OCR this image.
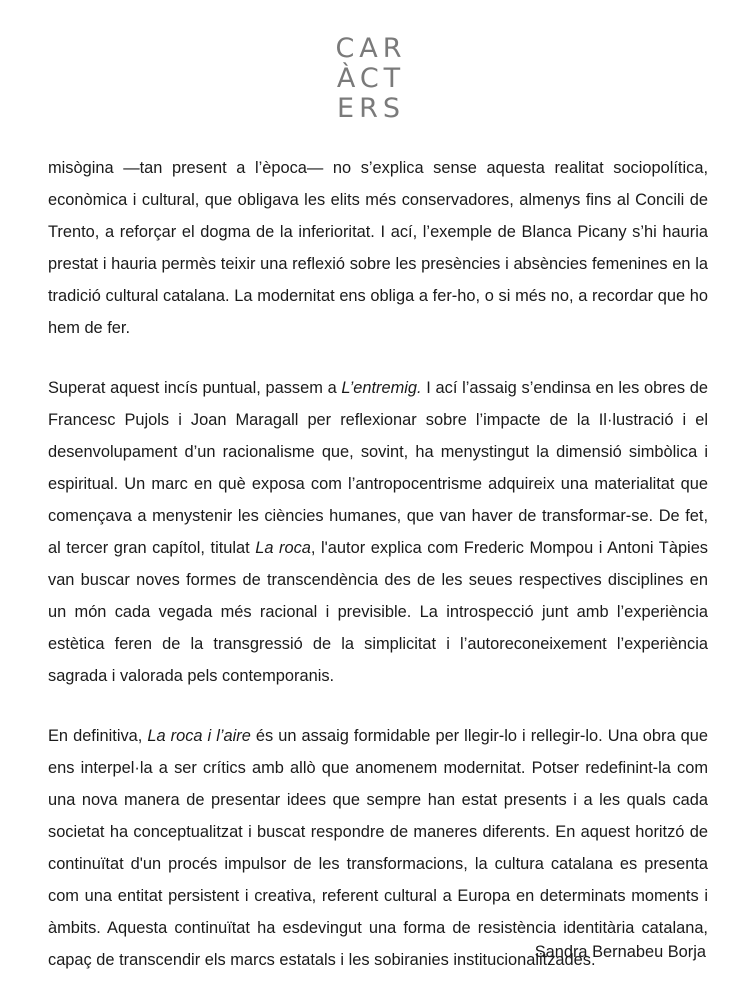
CAR
ÀCT
ERS

misògina —tan present a l’època— no s’explica sense aquesta realitat sociopolítica, econòmica i cultural, que obligava les elits més conservadores, almenys fins al Concili de Trento, a reforçar el dogma de la inferioritat. I ací, l’exemple de Blanca Picany s’hi hauria prestat i hauria permès teixir una reflexió sobre les presències i absències femenines en la tradició cultural catalana. La modernitat ens obliga a fer-ho, o si més no, a recordar que ho hem de fer.

Superat aquest incís puntual, passem a L’entremig. I ací l’assaig s’endinsa en les obres de Francesc Pujols i Joan Maragall per reflexionar sobre l’impacte de la Il·lustració i el desenvolupament d’un racionalisme que, sovint, ha menystingut la dimensió simbòlica i espiritual. Un marc en què exposa com l’antropocentrisme adquireix una materialitat que començava a menystenir les ciències humanes, que van haver de transformar-se. De fet, al tercer gran capítol, titulat La roca, l'autor explica com Frederic Mompou i Antoni Tàpies van buscar noves formes de transcendència des de les seues respectives disciplines en un món cada vegada més racional i previsible. La introspecció junt amb l’experiència estètica feren de la transgressió de la simplicitat i l’autoreconeixement l’experiència sagrada i valorada pels contemporanis.

En definitiva, La roca i l’aire és un assaig formidable per llegir-lo i rellegir-lo. Una obra que ens interpel·la a ser crítics amb allò que anomenem modernitat. Potser redefinint-la com una nova manera de presentar idees que sempre han estat presents i a les quals cada societat ha conceptualitzat i buscat respondre de maneres diferents. En aquest horitzó de continuïtat d'un procés impulsor de les transformacions, la cultura catalana es presenta com una entitat persistent i creativa, referent cultural a Europa en determinats moments i àmbits. Aquesta continuïtat ha esdevingut una forma de resistència identitària catalana, capaç de transcendir els marcs estatals i les sobiranies institucionalitzades.

Sandra Bernabeu Borja
